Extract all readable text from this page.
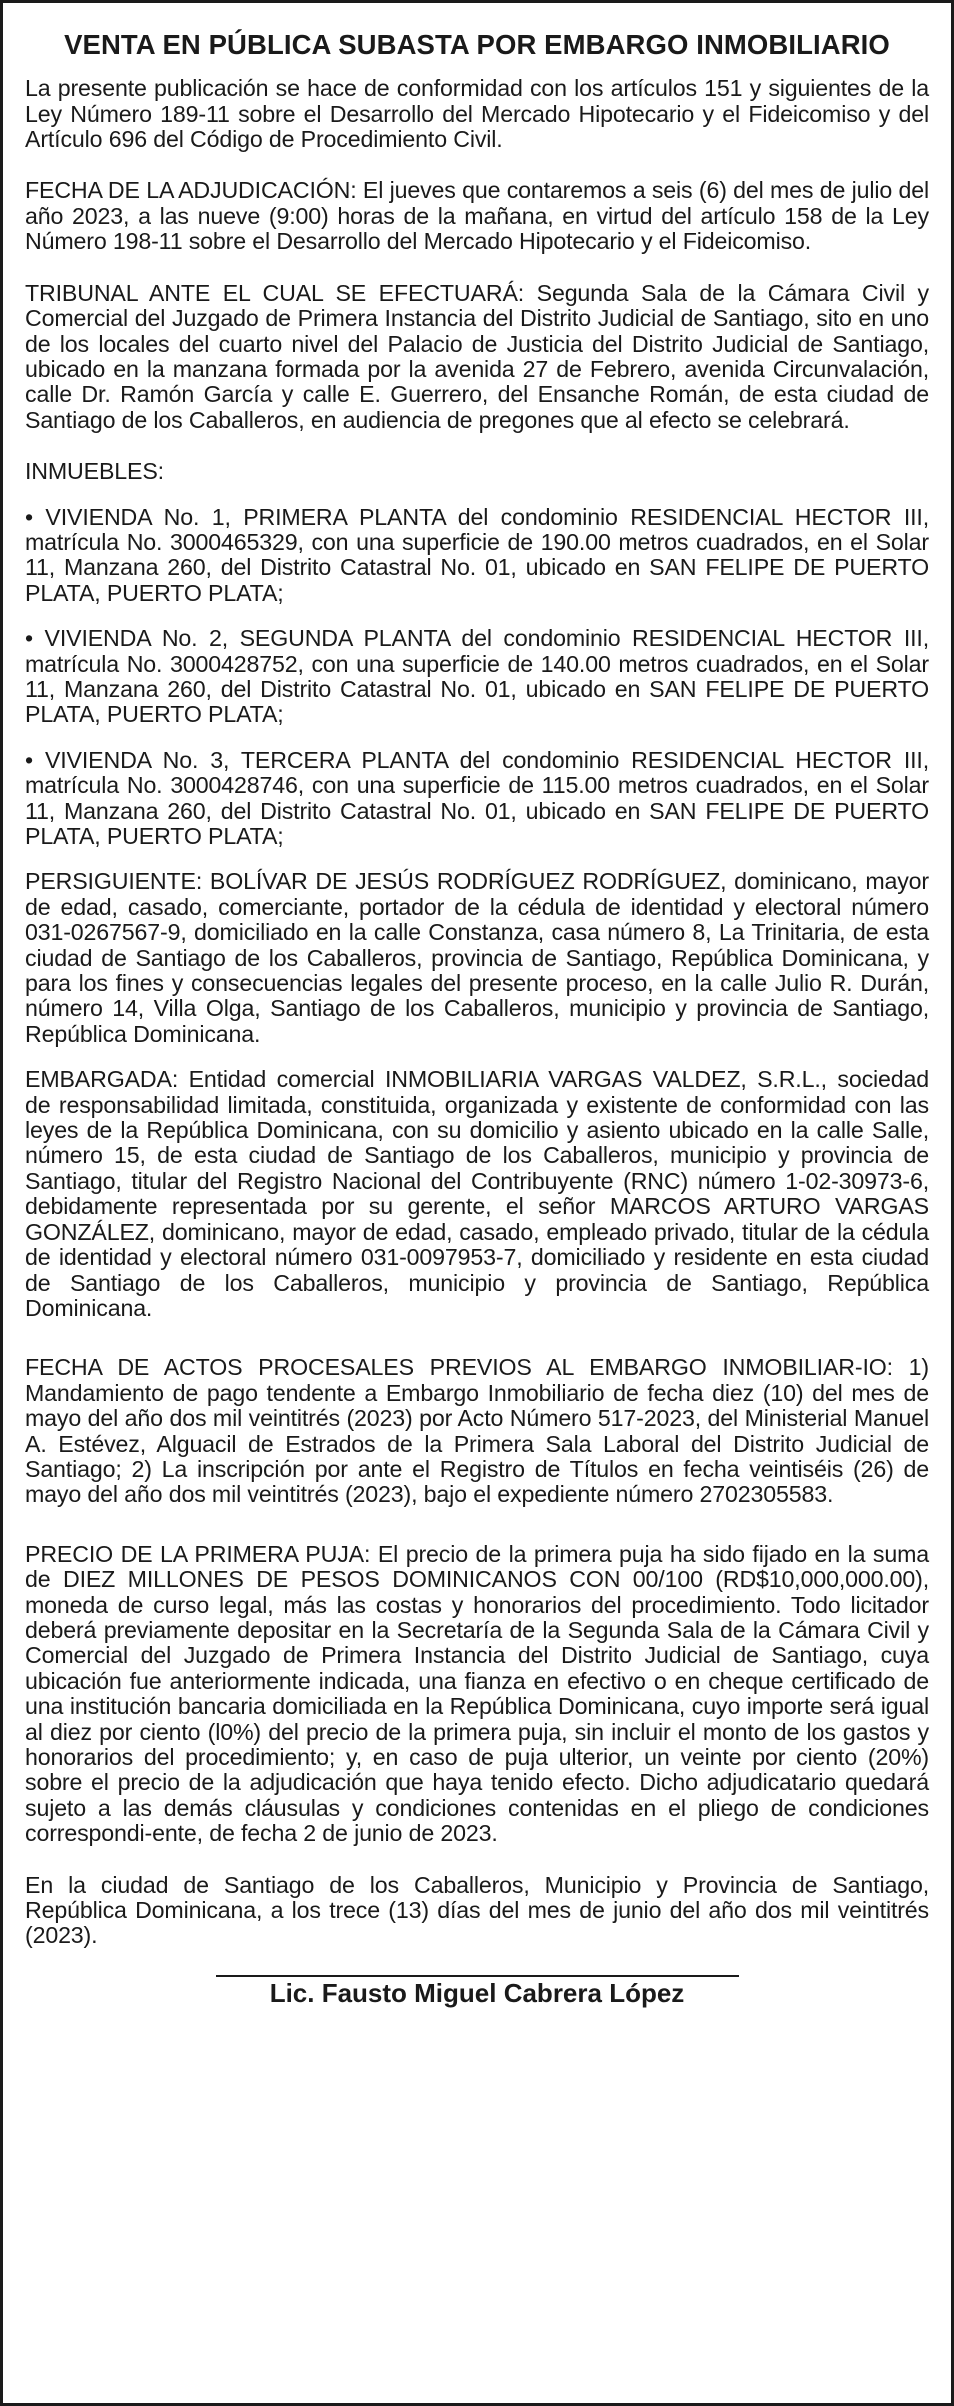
VENTA EN PÚBLICA SUBASTA POR EMBARGO INMOBILIARIO

La presente publicación se hace de conformidad con los artículos 151 y siguientes de la Ley Número 189-11 sobre el Desarrollo del Mercado Hipotecario y el Fideicomiso y del Artículo 696 del Código de Procedimiento Civil.

FECHA DE LA ADJUDICACIÓN: El jueves que contaremos a seis (6) del mes de julio del año 2023, a las nueve (9:00) horas de la mañana, en virtud del artículo 158 de la Ley Número 198-11 sobre el Desarrollo del Mercado Hipotecario y el Fideicomiso.

TRIBUNAL ANTE EL CUAL SE EFECTUARÁ: Segunda Sala de la Cámara Civil y Comercial del Juzgado de Primera Instancia del Distrito Judicial de Santiago, sito en uno de los locales del cuarto nivel del Palacio de Justicia del Distrito Judicial de Santiago, ubicado en la manzana formada por la avenida 27 de Febrero, avenida Circunvalación, calle Dr. Ramón García y calle E. Guerrero, del Ensanche Román, de esta ciudad de Santiago de los Caballeros, en audiencia de pregones que al efecto se celebrará.

INMUEBLES:

• VIVIENDA No. 1, PRIMERA PLANTA del condominio RESIDENCIAL HECTOR III, matrícula No. 3000465329, con una superficie de 190.00 metros cuadrados, en el Solar 11, Manzana 260, del Distrito Catastral No. 01, ubicado en SAN FELIPE DE PUERTO PLATA, PUERTO PLATA;

• VIVIENDA No. 2, SEGUNDA PLANTA del condominio RESIDENCIAL HECTOR III, matrícula No. 3000428752, con una superficie de 140.00 metros cuadrados, en el Solar 11, Manzana 260, del Distrito Catastral No. 01, ubicado en SAN FELIPE DE PUERTO PLATA, PUERTO PLATA;

• VIVIENDA No. 3, TERCERA PLANTA del condominio RESIDENCIAL HECTOR III, matrícula No. 3000428746, con una superficie de 115.00 metros cuadrados, en el Solar 11, Manzana 260, del Distrito Catastral No. 01, ubicado en SAN FELIPE DE PUERTO PLATA, PUERTO PLATA;

PERSIGUIENTE: BOLÍVAR DE JESÚS RODRÍGUEZ RODRÍGUEZ, dominicano, mayor de edad, casado, comerciante, portador de la cédula de identidad y electoral número 031-0267567-9, domiciliado en la calle Constanza, casa número 8, La Trinitaria, de esta ciudad de Santiago de los Caballeros, provincia de Santiago, República Dominicana, y para los fines y consecuencias legales del presente proceso, en la calle Julio R. Durán, número 14, Villa Olga, Santiago de los Caballeros, municipio y provincia de Santiago, República Dominicana.

EMBARGADA: Entidad comercial INMOBILIARIA VARGAS VALDEZ, S.R.L., sociedad de responsabilidad limitada, constituida, organizada y existente de conformidad con las leyes de la República Dominicana, con su domicilio y asiento ubicado en la calle Salle, número 15, de esta ciudad de Santiago de los Caballeros, municipio y provincia de Santiago, titular del Registro Nacional del Contribuyente (RNC) número 1-02-30973-6, debidamente representada por su gerente, el señor MARCOS ARTURO VARGAS GONZÁLEZ, dominicano, mayor de edad, casado, empleado privado, titular de la cédula de identidad y electoral número 031-0097953-7, domiciliado y residente en esta ciudad de Santiago de los Caballeros, municipio y provincia de Santiago, República Dominicana.

FECHA DE ACTOS PROCESALES PREVIOS AL EMBARGO INMOBILIAR-IO: 1) Mandamiento de pago tendente a Embargo Inmobiliario de fecha diez (10) del mes de mayo del año dos mil veintitrés (2023) por Acto Número 517-2023, del Ministerial Manuel A. Estévez, Alguacil de Estrados de la Primera Sala Laboral del Distrito Judicial de Santiago; 2) La inscripción por ante el Registro de Títulos en fecha veintiséis (26) de mayo del año dos mil veintitrés (2023), bajo el expediente número 2702305583.

PRECIO DE LA PRIMERA PUJA: El precio de la primera puja ha sido fijado en la suma de DIEZ MILLONES DE PESOS DOMINICANOS CON 00/100 (RD$10,000,000.00), moneda de curso legal, más las costas y honorarios del procedimiento. Todo licitador deberá previamente depositar en la Secretaría de la Segunda Sala de la Cámara Civil y Comercial del Juzgado de Primera Instancia del Distrito Judicial de Santiago, cuya ubicación fue anteriormente indicada, una fianza en efectivo o en cheque certificado de una institución bancaria domiciliada en la República Dominicana, cuyo importe será igual al diez por ciento (l0%) del precio de la primera puja, sin incluir el monto de los gastos y honorarios del procedimiento; y, en caso de puja ulterior, un veinte por ciento (20%) sobre el precio de la adjudicación que haya tenido efecto. Dicho adjudicatario quedará sujeto a las demás cláusulas y condiciones contenidas en el pliego de condiciones correspondi-ente, de fecha 2 de junio de 2023.

En la ciudad de Santiago de los Caballeros, Municipio y Provincia de Santiago, República Dominicana, a los trece (13) días del mes de junio del año dos mil veintitrés (2023).

Lic. Fausto Miguel Cabrera López
